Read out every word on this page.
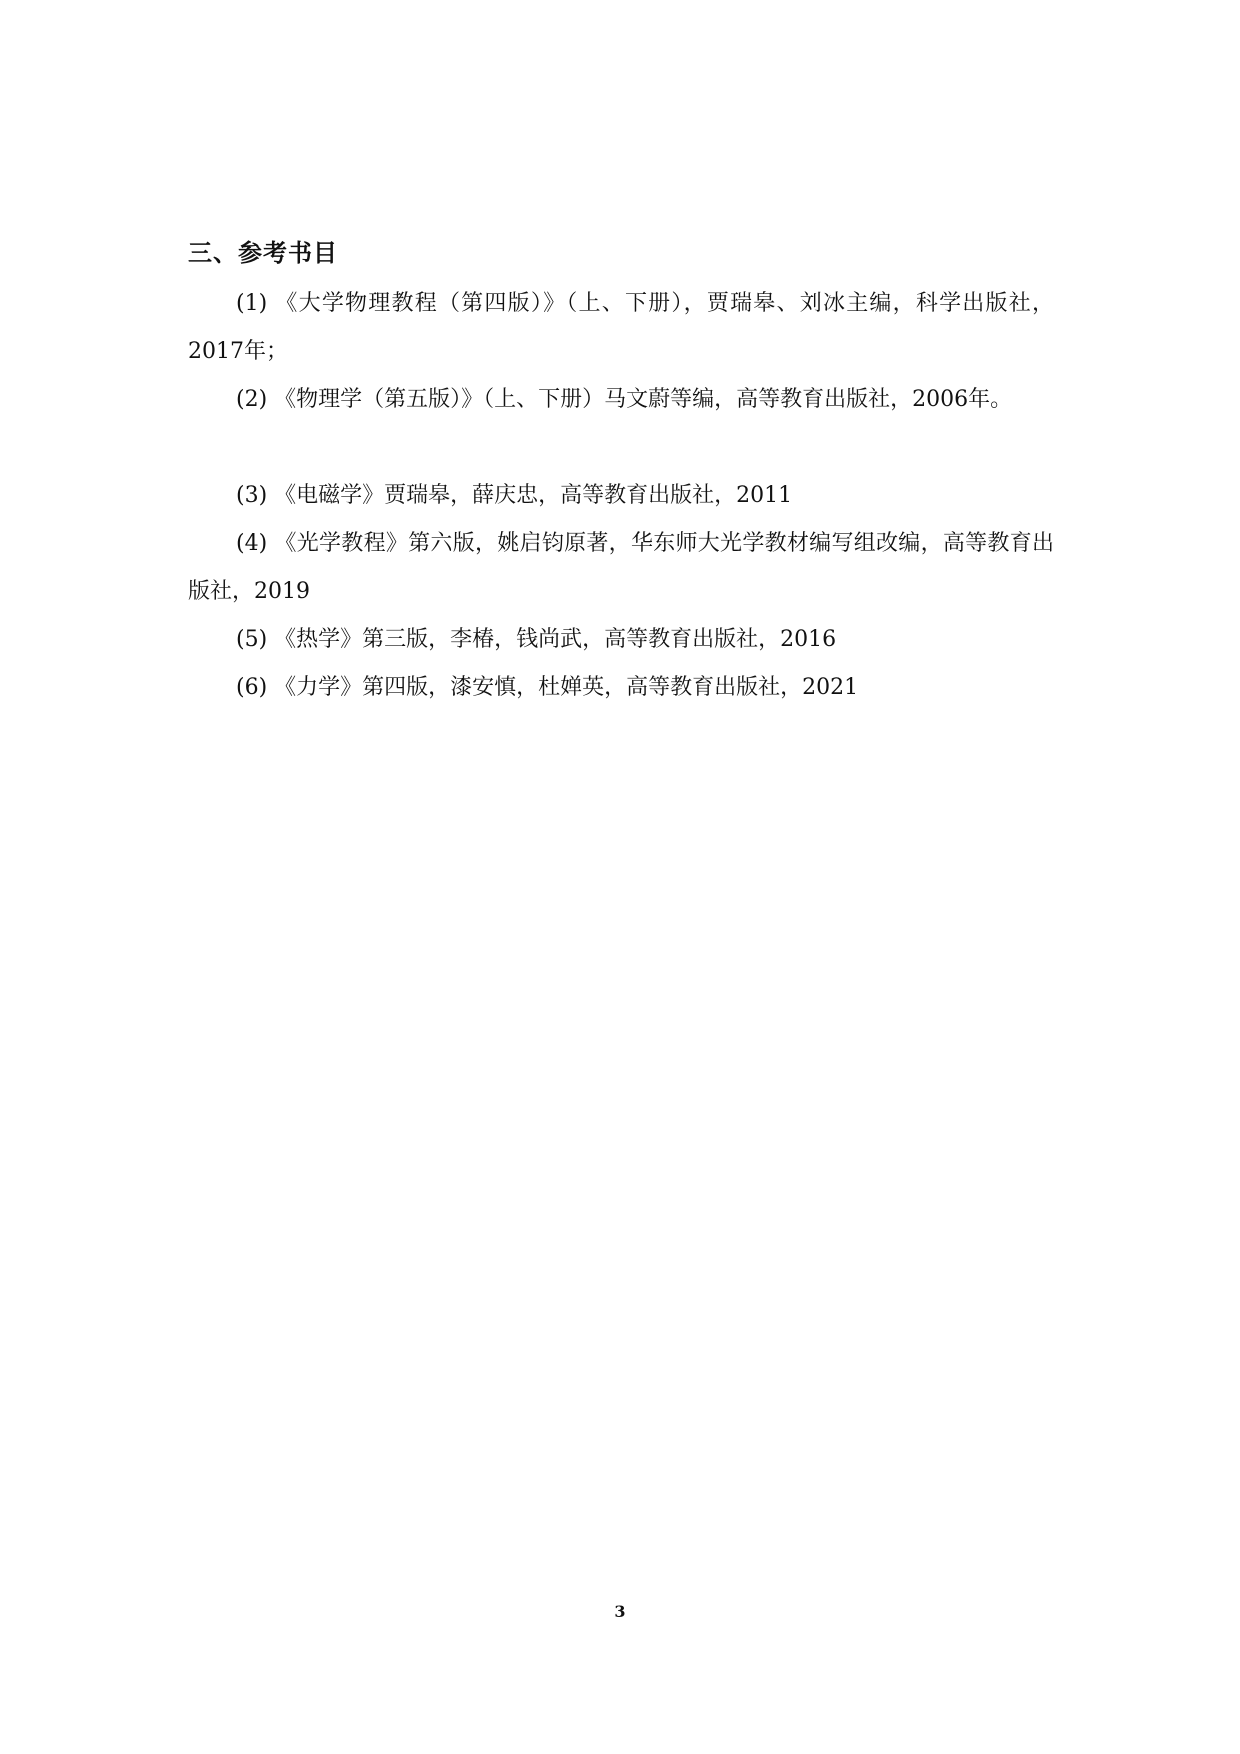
三、参考书目
(1) 《大学物理教程（第四版）》（上、下册），贾瑞皋、刘冰主编，科学出版社，2017年；
(2) 《物理学（第五版）》（上、下册）马文蔚等编，高等教育出版社，2006年。
(3) 《电磁学》贾瑞皋，薛庆忠，高等教育出版社，2011
(4) 《光学教程》第六版，姚启钧原著，华东师大光学教材编写组改编，高等教育出版社，2019
(5) 《热学》第三版，李椿，钱尚武，高等教育出版社，2016
(6) 《力学》第四版，漆安慎，杜婵英，高等教育出版社，2021
3
